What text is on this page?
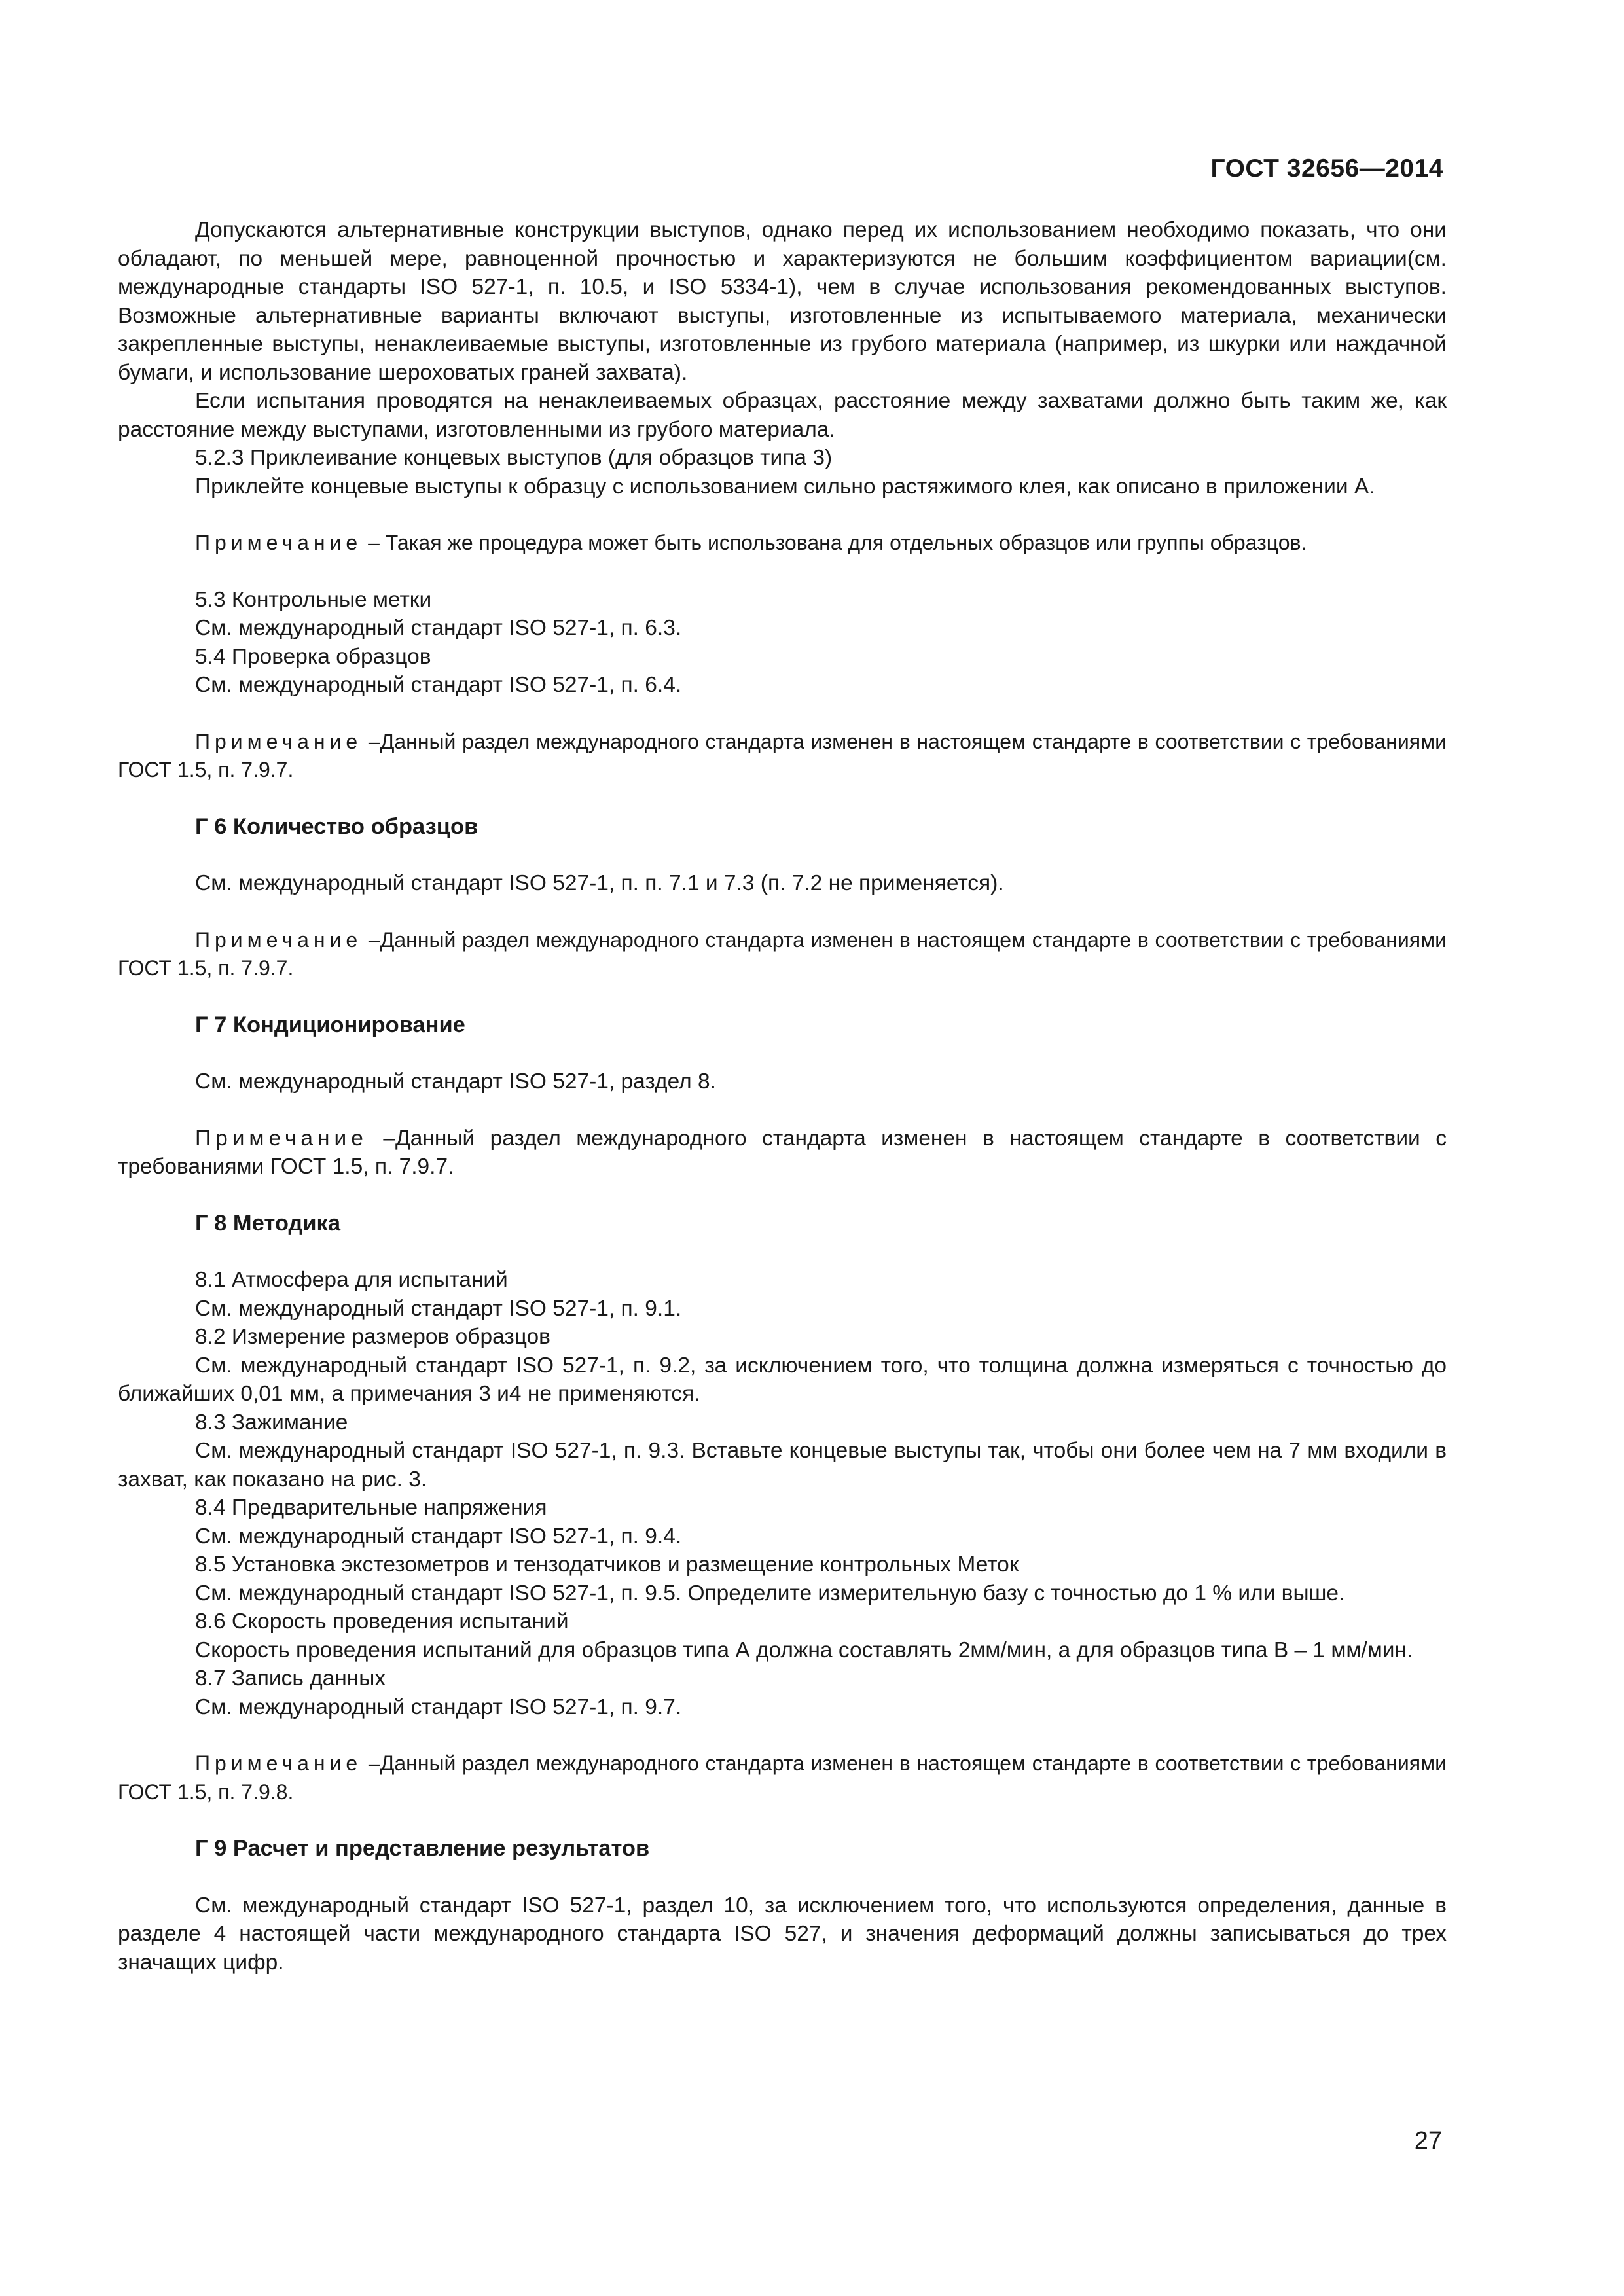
ГОСТ 32656—2014

Допускаются альтернативные конструкции выступов, однако перед их использованием необходимо показать, что они обладают, по меньшей мере, равноценной прочностью и характеризуются не большим коэффициентом вариации(см. международные стандарты ISO 527-1, п. 10.5, и ISO 5334-1), чем в случае использования рекомендованных выступов. Возможные альтернативные варианты включают выступы, изготовленные из испытываемого материала, механически закрепленные выступы, ненаклеиваемые выступы, изготовленные из грубого материала (например, из шкурки или наждачной бумаги, и использование шероховатых граней захвата).

Если испытания проводятся на ненаклеиваемых образцах, расстояние между захватами должно быть таким же, как расстояние между выступами, изготовленными из грубого материала.

5.2.3 Приклеивание концевых выступов (для образцов типа 3)

Приклейте концевые выступы к образцу с использованием сильно растяжимого клея, как описано в приложении А.

Примечание – Такая же процедура может быть использована для отдельных образцов или группы образцов.

5.3 Контрольные метки

См. международный стандарт ISO 527-1, п. 6.3.

5.4 Проверка образцов

См. международный стандарт ISO 527-1, п. 6.4.

Примечание –Данный раздел международного стандарта изменен в настоящем стандарте в соответствии с требованиями ГОСТ 1.5, п. 7.9.7.

Г 6 Количество образцов

См. международный стандарт ISO 527-1, п. п. 7.1 и 7.3 (п. 7.2 не применяется).

Примечание –Данный раздел международного стандарта изменен в настоящем стандарте в соответствии с требованиями ГОСТ 1.5, п. 7.9.7.

Г 7 Кондиционирование

См. международный стандарт ISO 527-1, раздел 8.

Примечание –Данный раздел международного стандарта изменен в настоящем стандарте в соответствии с требованиями ГОСТ 1.5, п. 7.9.7.

Г 8 Методика

8.1 Атмосфера для испытаний

См. международный стандарт ISO 527-1, п. 9.1.

8.2 Измерение размеров образцов

См. международный стандарт ISO 527-1, п. 9.2, за исключением того, что толщина должна измеряться с точностью до ближайших 0,01 мм, а примечания 3 и4 не применяются.

8.3 Зажимание

См. международный стандарт ISO 527-1, п. 9.3. Вставьте концевые выступы так, чтобы они более чем на 7 мм входили в захват, как показано на рис. 3.

8.4 Предварительные напряжения

См. международный стандарт ISO 527-1, п. 9.4.

8.5 Установка экстезометров и тензодатчиков и размещение контрольных Меток

См. международный стандарт ISO 527-1, п. 9.5. Определите измерительную базу с точностью до 1 % или выше.

8.6 Скорость проведения испытаний

Скорость проведения испытаний для образцов типа А должна составлять 2мм/мин, а для образцов типа В – 1 мм/мин.

8.7 Запись данных

См. международный стандарт ISO 527-1, п. 9.7.

Примечание –Данный раздел международного стандарта изменен в настоящем стандарте в соответствии с требованиями ГОСТ 1.5, п. 7.9.8.

Г 9 Расчет и представление результатов

См. международный стандарт ISO 527-1, раздел 10, за исключением того, что используются определения, данные в разделе 4 настоящей части международного стандарта ISO 527, и значения деформаций должны записываться до трех значащих цифр.

27
